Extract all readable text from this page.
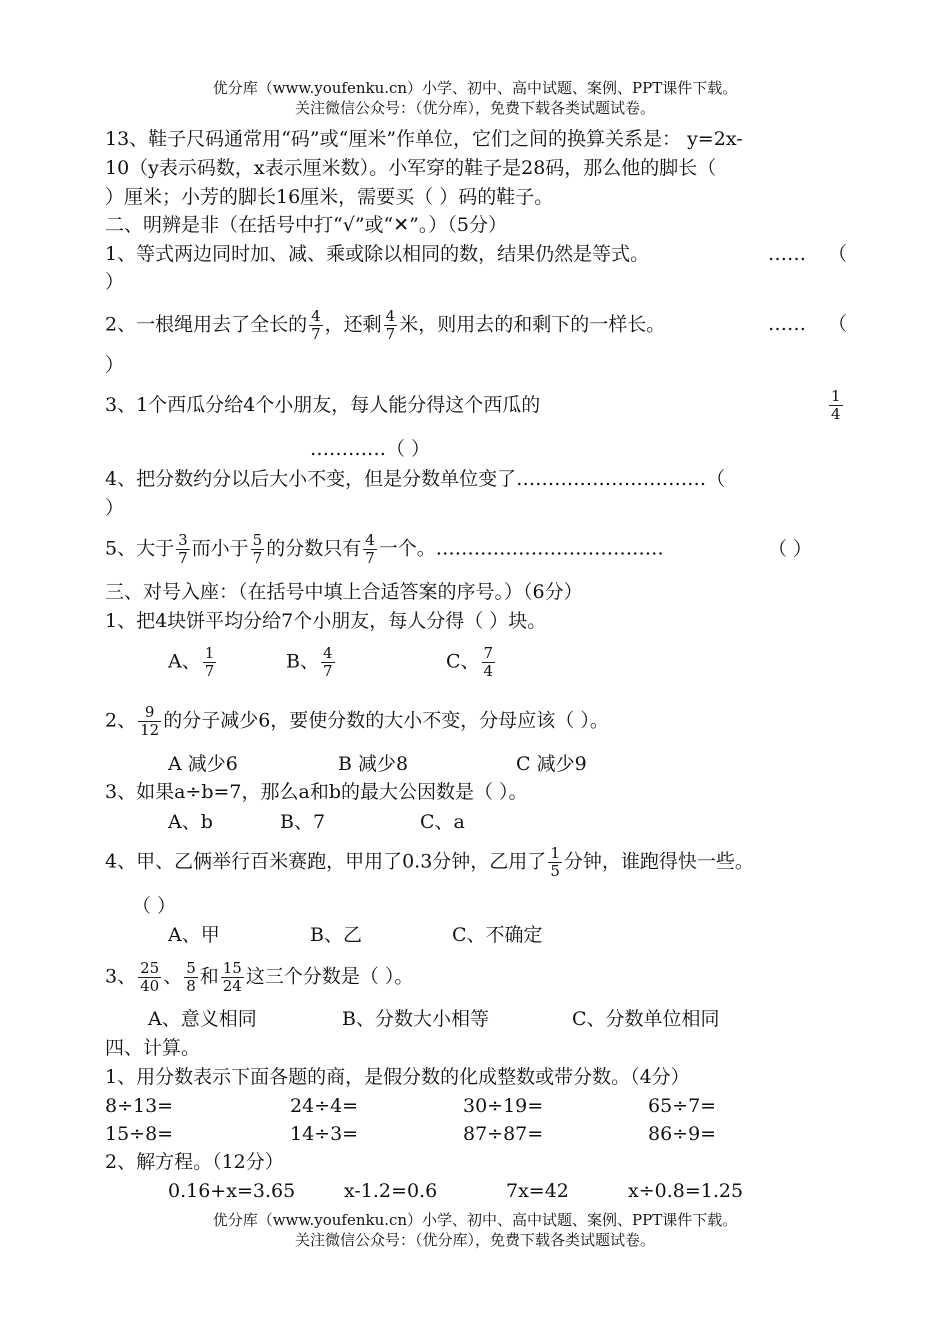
优分库（www.youfenku.cn）小学、初中、高中试题、案例、PPT课件下载。
关注微信公众号：（优分库），免费下载各类试题试卷。
13、鞋子尺码通常用“码”或“厘米”作单位，它们之间的换算关系是： y=2x-
10（y表示码数，x表示厘米数）。小军穿的鞋子是28码，那么他的脚长（
）厘米；小芳的脚长16厘米，需要买（ ）码的鞋子。
二、明辨是非（在括号中打“√”或“✕”。）（5分）
1、等式两边同时加、减、乘或除以相同的数，结果仍然是等式。	…… （
）
2、一根绳用去了全长的 $\frac{4}{7}$ ，还剩 $\frac{4}{7}$ 米，则用去的和剩下的一样长。	…… （
）
3、1个西瓜分给4个小朋友，每人能分得这个西瓜的	$\frac{1}{4}$
…………（ ）
4、把分数约分以后大小不变，但是分数单位变了…………………………（
）
5、大于 $\frac{3}{7}$ 而小于 $\frac{5}{7}$ 的分数只有 $\frac{4}{7}$ 一个。………………………………	（ ）
三、对号入座：（在括号中填上合适答案的序号。）（6分）
1、把4块饼平均分给7个小朋友，每人分得（ ）块。
A、 $\frac{1}{7}$	B、 $\frac{4}{7}$	C、 $\frac{7}{4}$
2、 $\frac{9}{12}$ 的分子减少6，要使分数的大小不变，分母应该（ ）。
A 减少6	B 减少8	C 减少9
3、如果a÷b=7，那么a和b的最大公因数是（ ）。
A、b	B、7	C、a
4、甲、乙俩举行百米赛跑，甲用了0.3分钟，乙用了 $\frac{1}{5}$ 分钟，谁跑得快一些。
（ ）
A、甲	B、乙	C、不确定
3、 $\frac{25}{40}$ 、 $\frac{5}{8}$ 和 $\frac{15}{24}$ 这三个分数是（ ）。
A、意义相同	B、分数大小相等	C、分数单位相同
四、计算。
1、用分数表示下面各题的商，是假分数的化成整数或带分数。（4分）
8÷13=	24÷4=	30÷19=	65÷7=
15÷8=	14÷3=	87÷87=	86÷9=
2、解方程。（12分）
0.16+x=3.65	x-1.2=0.6	7x=42	x÷0.8=1.25
优分库（www.youfenku.cn）小学、初中、高中试题、案例、PPT课件下载。
关注微信公众号：（优分库），免费下载各类试题试卷。
